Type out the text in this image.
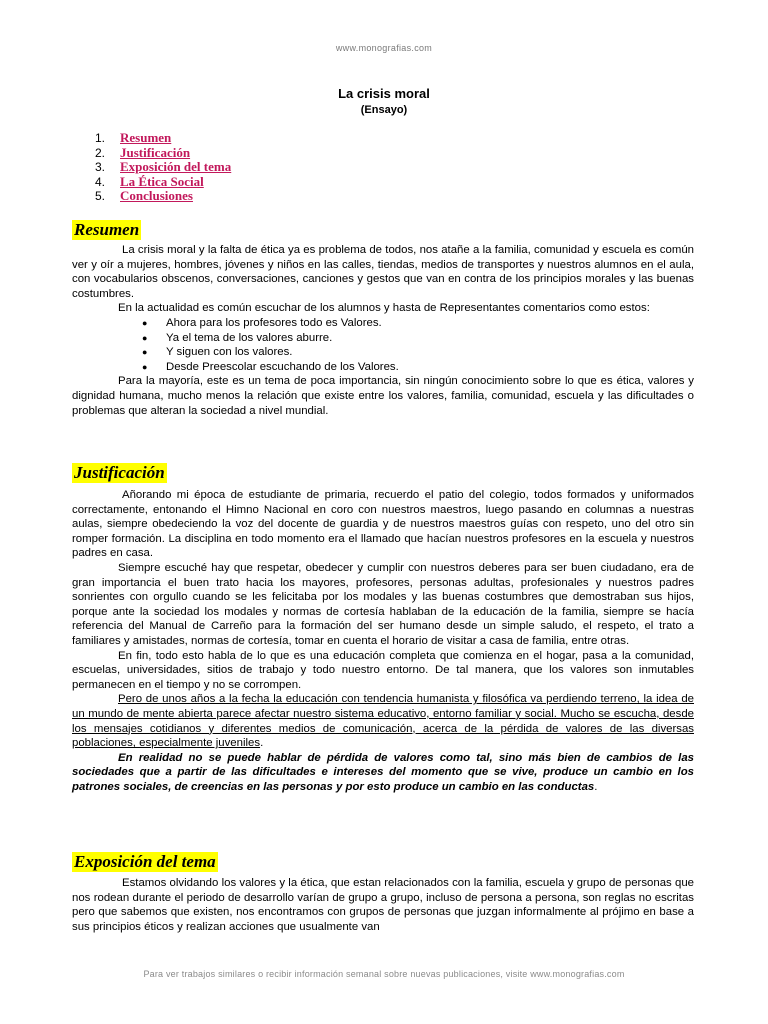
www.monografias.com
La crisis moral
(Ensayo)
1. Resumen
2. Justificación
3. Exposición del tema
4. La Ética Social
5. Conclusiones
Resumen

La crisis moral y la falta de ética ya es problema de todos, nos atañe a la familia, comunidad y escuela es común ver y oír a mujeres, hombres, jóvenes y niños en las calles, tiendas, medios de transportes y nuestros alumnos en el aula, con vocabularios obscenos, conversaciones, canciones y gestos que van en contra de los principios morales y las buenas costumbres.

En la actualidad es común escuchar de los alumnos y hasta de Representantes comentarios como estos:

● Ahora para los profesores todo es Valores.
● Ya el tema de los valores aburre.
● Y siguen con los valores.
● Desde Preescolar escuchando de los Valores.

Para la mayoría, este es un tema de poca importancia, sin ningún conocimiento sobre lo que es ética, valores y dignidad humana, mucho menos la relación que existe entre los valores, familia, comunidad, escuela y las dificultades o problemas que alteran la sociedad a nivel mundial.

Justificación

Añorando mi época de estudiante de primaria, recuerdo el patio del colegio, todos formados y uniformados correctamente, entonando el Himno Nacional en coro con nuestros maestros, luego pasando en columnas a nuestras aulas, siempre obedeciendo la voz del docente de guardia y de nuestros maestros guías con respeto, uno del otro sin romper formación. La disciplina en todo momento era el llamado que hacían nuestros profesores en la escuela y nuestros padres en casa.

Siempre escuché hay que respetar, obedecer y cumplir con nuestros deberes para ser buen ciudadano, era de gran importancia el buen trato hacia los mayores, profesores, personas adultas, profesionales y nuestros padres sonrientes con orgullo cuando se les felicitaba por los modales y las buenas costumbres que demostraban sus hijos, porque ante la sociedad los modales y normas de cortesía hablaban de la educación de la familia, siempre se hacía referencia del Manual de Carreño para la formación del ser humano desde un simple saludo, el respeto, el trato a familiares y amistades, normas de cortesía, tomar en cuenta el horario de visitar a casa de familia, entre otras.

En fin, todo esto habla de lo que es una educación completa que comienza en el hogar, pasa a la comunidad, escuelas, universidades, sitios de trabajo y todo nuestro entorno. De tal manera, que los valores son inmutables permanecen en el tiempo y no se corrompen.

Pero de unos años a la fecha la educación con tendencia humanista y filosófica va perdiendo terreno, la idea de un mundo de mente abierta parece afectar nuestro sistema educativo, entorno familiar y social. Mucho se escucha, desde los mensajes cotidianos y diferentes medios de comunicación, acerca de la pérdida de valores de las diversas poblaciones, especialmente juveniles.

En realidad no se puede hablar de pérdida de valores como tal, sino más bien de cambios de las sociedades que a partir de las dificultades e intereses del momento que se vive, produce un cambio en los patrones sociales, de creencias en las personas y por esto produce un cambio en las conductas.

Exposición del tema

Estamos olvidando los valores y la ética, que estan relacionados con la familia, escuela y grupo de personas que nos rodean durante el periodo de desarrollo varían de grupo a grupo, incluso de persona a persona, son reglas no escritas pero que sabemos que existen, nos encontramos con grupos de personas que juzgan informalmente al prójimo en base a sus principios éticos y realizan acciones que usualmente van

Para ver trabajos similares o recibir información semanal sobre nuevas publicaciones, visite www.monografias.com
